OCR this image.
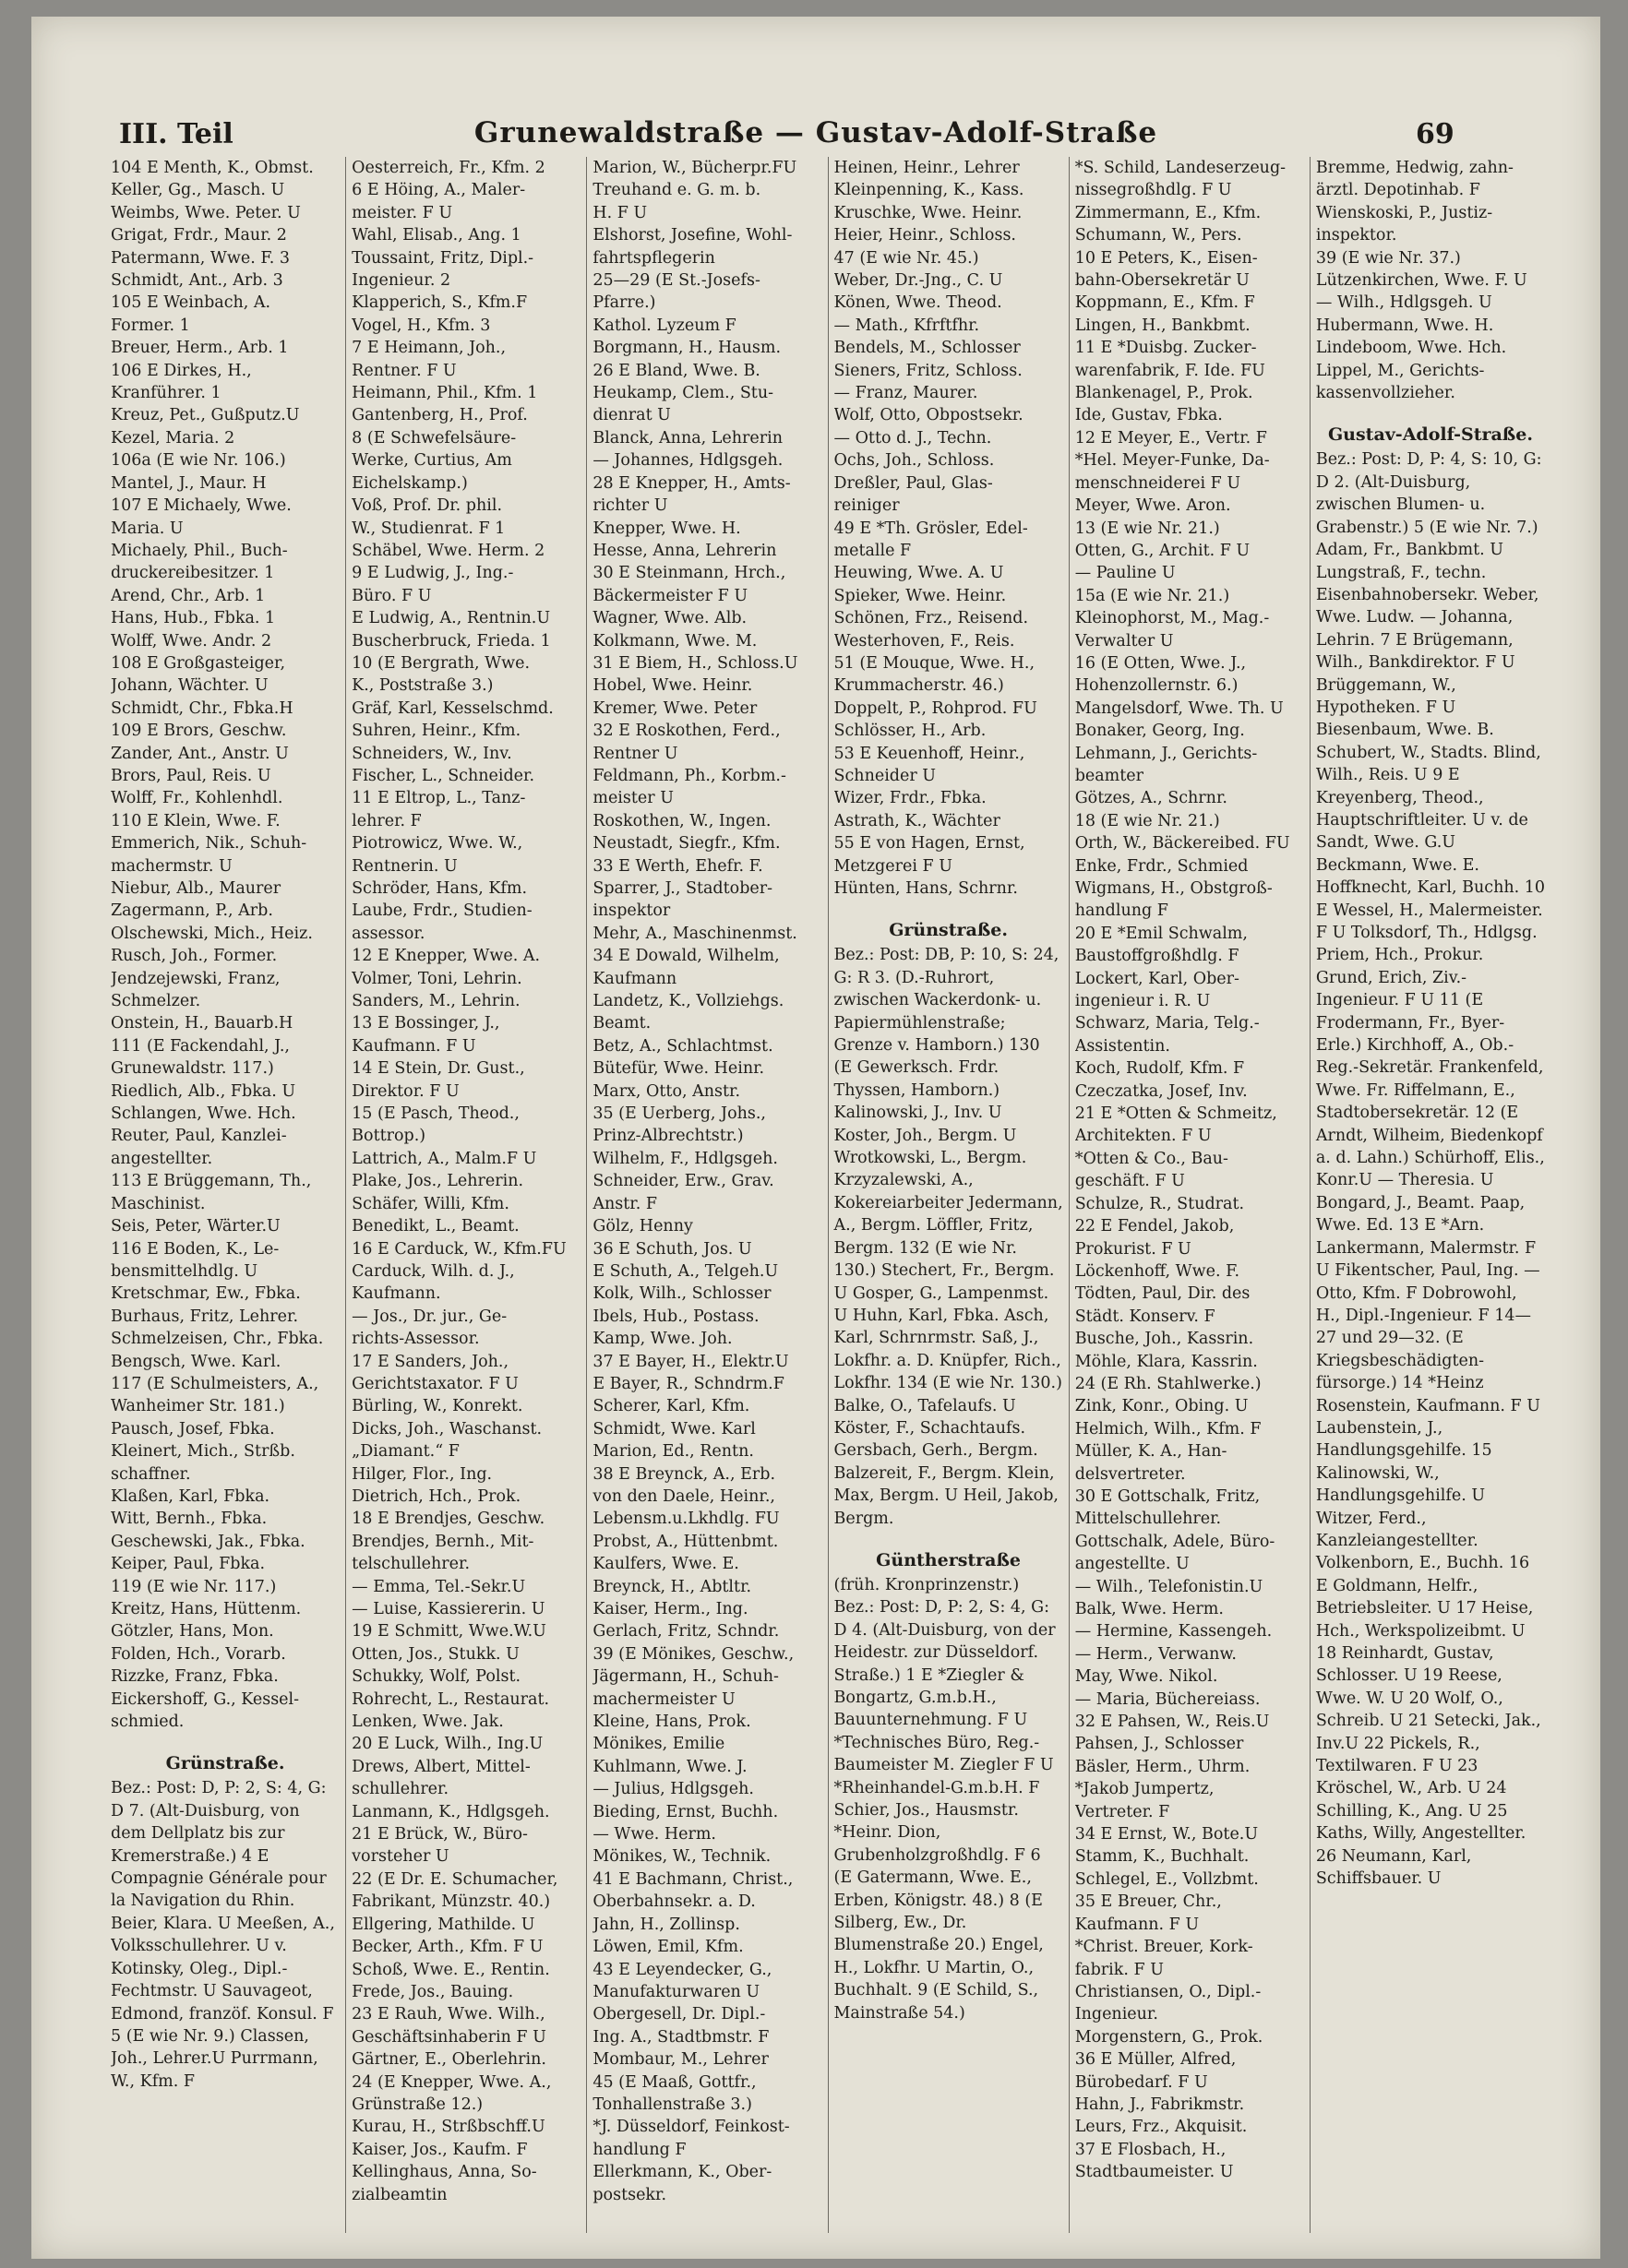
III. Teil	Grunewaldstraße — Gustav-Adolf-Straße	69
104 E Menth, K., Obmst.
Keller, Gg., Masch. U
Weimbs, Wwe. Peter. U
Grigat, Frdr., Maur. 2
Patermann, Wwe. F. 3
Schmidt, Ant., Arb. 3
105 E Weinbach, A.
Former. 1
Breuer, Herm., Arb. 1
106 E Dirkes, H.,
Kranführer. 1
Kreuz, Pet., Gußputz.U
Kezel, Maria. 2
106a (E wie Nr. 106.)
Mantel, J., Maur. H
107 E Michaely, Wwe.
Maria. U
Michaely, Phil., Buch-
druckereibesitzer. 1
Arend, Chr., Arb. 1
Hans, Hub., Fbka. 1
Wolff, Wwe. Andr. 2
108 E Großgasteiger,
Johann, Wächter. U
Schmidt, Chr., Fbka.H
109 E Brors, Geschw.
Zander, Ant., Anstr. U
Brors, Paul, Reis. U
Wolff, Fr., Kohlenhdl.
110 E Klein, Wwe. F.
Emmerich, Nik., Schuh-
machermstr. U
Niebur, Alb., Maurer
Zagermann, P., Arb.
Olschewski, Mich., Heiz.
Rusch, Joh., Former.
Jendzejewski, Franz,
Schmelzer.
Onstein, H., Bauarb.H
111 (E Fackendahl, J.,
Grunewaldstr. 117.)
Riedlich, Alb., Fbka. U
Schlangen, Wwe. Hch.
Reuter, Paul, Kanzlei-
angestellter.
113 E Brüggemann, Th.,
Maschinist.
Seis, Peter, Wärter.U
116 E Boden, K., Le-
bensmittelhdlg. U
Kretschmar, Ew., Fbka.
Burhaus, Fritz, Lehrer.
Schmelzeisen, Chr., Fbka.
Bengsch, Wwe. Karl.
117 (E Schulmeisters, A.,
Wanheimer Str. 181.)
Pausch, Josef, Fbka.
Kleinert, Mich., Strßb.
schaffner.
Klaßen, Karl, Fbka.
Witt, Bernh., Fbka.
Geschewski, Jak., Fbka.
Keiper, Paul, Fbka.
119 (E wie Nr. 117.)
Kreitz, Hans, Hüttenm.
Götzler, Hans, Mon.
Folden, Hch., Vorarb.
Rizzke, Franz, Fbka.
Eickershoff, G., Kessel-
schmied.
Grünstraße.
Bez.: Post: D, P: 2, S: 4, G: D 7. (Alt-Duisburg, von dem Dellplatz bis zur Kremerstraße.) 4 E Compagnie Générale pour la Navigation du Rhin. Beier, Klara. U Meeßen, A., Volksschullehrer. U v. Kotinsky, Oleg., Dipl.-Fechtmstr. U Sauvageot, Edmond, franzöf. Konsul. F 5 (E wie Nr. 9.) Classen, Joh., Lehrer.U Purrmann, W., Kfm. F
Oesterreich, Fr., Kfm. 2
6 E Höing, A., Maler-
meister. F U
Wahl, Elisab., Ang. 1
Toussaint, Fritz, Dipl.-
Ingenieur. 2
Klapperich, S., Kfm.F
Vogel, H., Kfm. 3
7 E Heimann, Joh.,
Rentner. F U
Heimann, Phil., Kfm. 1
Gantenberg, H., Prof.
8 (E Schwefelsäure-
Werke, Curtius, Am
Eichelskamp.)
Voß, Prof. Dr. phil.
W., Studienrat. F 1
Schäbel, Wwe. Herm. 2
9 E Ludwig, J., Ing.-
Büro. F U
E Ludwig, A., Rentnin.U
Buscherbruck, Frieda. 1
10 (E Bergrath, Wwe.
K., Poststraße 3.)
Gräf, Karl, Kesselschmd.
Suhren, Heinr., Kfm.
Schneiders, W., Inv.
Fischer, L., Schneider.
11 E Eltrop, L., Tanz-
lehrer. F
Piotrowicz, Wwe. W.,
Rentnerin. U
Schröder, Hans, Kfm.
Laube, Frdr., Studien-
assessor.
12 E Knepper, Wwe. A.
Volmer, Toni, Lehrin.
Sanders, M., Lehrin.
13 E Bossinger, J.,
Kaufmann. F U
14 E Stein, Dr. Gust.,
Direktor. F U
15 (E Pasch, Theod.,
Bottrop.)
Lattrich, A., Malm.F U
Plake, Jos., Lehrerin.
Schäfer, Willi, Kfm.
Benedikt, L., Beamt.
16 E Carduck, W., Kfm.FU
Carduck, Wilh. d. J.,
Kaufmann.
— Jos., Dr. jur., Ge-
richts-Assessor.
17 E Sanders, Joh.,
Gerichtstaxator. F U
Bürling, W., Konrekt.
Dicks, Joh., Waschanst.
„Diamant.“ F
Hilger, Flor., Ing.
Dietrich, Hch., Prok.
18 E Brendjes, Geschw.
Brendjes, Bernh., Mit-
telschullehrer.
— Emma, Tel.-Sekr.U
— Luise, Kassiererin. U
19 E Schmitt, Wwe.W.U
Otten, Jos., Stukk. U
Schukky, Wolf, Polst.
Rohrecht, L., Restaurat.
Lenken, Wwe. Jak.
20 E Luck, Wilh., Ing.U
Drews, Albert, Mittel-
schullehrer.
Lanmann, K., Hdlgsgeh.
21 E Brück, W., Büro-
vorsteher U
22 (E Dr. E. Schumacher,
Fabrikant, Münzstr. 40.)
Ellgering, Mathilde. U
Becker, Arth., Kfm. F U
Schoß, Wwe. E., Rentin.
Frede, Jos., Bauing.
23 E Rauh, Wwe. Wilh.,
Geschäftsinhaberin F U
Gärtner, E., Oberlehrin.
24 (E Knepper, Wwe. A.,
Grünstraße 12.)
Kurau, H., Strßbschff.U
Kaiser, Jos., Kaufm. F
Kellinghaus, Anna, So-
zialbeamtin
Marion, W., Bücherpr.FU
Treuhand e. G. m. b.
H. F U
Elshorst, Josefine, Wohl-
fahrtspflegerin
25—29 (E St.-Josefs-
Pfarre.)
Kathol. Lyzeum F
Borgmann, H., Hausm.
26 E Bland, Wwe. B.
Heukamp, Clem., Stu-
dienrat U
Blanck, Anna, Lehrerin
— Johannes, Hdlgsgeh.
28 E Knepper, H., Amts-
richter U
Knepper, Wwe. H.
Hesse, Anna, Lehrerin
30 E Steinmann, Hrch.,
Bäckermeister F U
Wagner, Wwe. Alb.
Kolkmann, Wwe. M.
31 E Biem, H., Schloss.U
Hobel, Wwe. Heinr.
Kremer, Wwe. Peter
32 E Roskothen, Ferd.,
Rentner U
Feldmann, Ph., Korbm.-
meister U
Roskothen, W., Ingen.
Neustadt, Siegfr., Kfm.
33 E Werth, Ehefr. F.
Sparrer, J., Stadtober-
inspektor
Mehr, A., Maschinenmst.
34 E Dowald, Wilhelm,
Kaufmann
Landetz, K., Vollziehgs.
Beamt.
Betz, A., Schlachtmst.
Bütefür, Wwe. Heinr.
Marx, Otto, Anstr.
35 (E Uerberg, Johs.,
Prinz-Albrechtstr.)
Wilhelm, F., Hdlgsgeh.
Schneider, Erw., Grav.
Anstr. F
Gölz, Henny
36 E Schuth, Jos. U
E Schuth, A., Telgeh.U
Kolk, Wilh., Schlosser
Ibels, Hub., Postass.
Kamp, Wwe. Joh.
37 E Bayer, H., Elektr.U
E Bayer, R., Schndrm.F
Scherer, Karl, Kfm.
Schmidt, Wwe. Karl
Marion, Ed., Rentn.
38 E Breynck, A., Erb.
von den Daele, Heinr.,
Lebensm.u.Lkhdlg. FU
Probst, A., Hüttenbmt.
Kaulfers, Wwe. E.
Breynck, H., Abtltr.
Kaiser, Herm., Ing.
Gerlach, Fritz, Schndr.
39 (E Mönikes, Geschw.,
Jägermann, H., Schuh-
machermeister U
Kleine, Hans, Prok.
Mönikes, Emilie
Kuhlmann, Wwe. J.
— Julius, Hdlgsgeh.
Bieding, Ernst, Buchh.
— Wwe. Herm.
Mönikes, W., Technik.
41 E Bachmann, Christ.,
Oberbahnsekr. a. D.
Jahn, H., Zollinsp.
Löwen, Emil, Kfm.
43 E Leyendecker, G.,
Manufakturwaren U
Obergesell, Dr. Dipl.-
Ing. A., Stadtbmstr. F
Mombaur, M., Lehrer
45 (E Maaß, Gottfr.,
Tonhallenstraße 3.)
*J. Düsseldorf, Feinkost-
handlung F
Ellerkmann, K., Ober-
postsekr.
Heinen, Heinr., Lehrer
Kleinpenning, K., Kass.
Kruschke, Wwe. Heinr.
Heier, Heinr., Schloss.
47 (E wie Nr. 45.)
Weber, Dr.-Jng., C. U
Könen, Wwe. Theod.
— Math., Kfrftfhr.
Bendels, M., Schlosser
Sieners, Fritz, Schloss.
— Franz, Maurer.
Wolf, Otto, Obpostsekr.
— Otto d. J., Techn.
Ochs, Joh., Schloss.
Dreßler, Paul, Glas-
reiniger
49 E *Th. Grösler, Edel-
metalle F
Heuwing, Wwe. A. U
Spieker, Wwe. Heinr.
Schönen, Frz., Reisend.
Westerhoven, F., Reis.
51 (E Mouque, Wwe. H.,
Krummacherstr. 46.)
Doppelt, P., Rohprod. FU
Schlösser, H., Arb.
53 E Keuenhoff, Heinr.,
Schneider U
Wizer, Frdr., Fbka.
Astrath, K., Wächter
55 E von Hagen, Ernst,
Metzgerei F U
Hünten, Hans, Schrnr.
Grünstraße.
Bez.: Post: DB, P: 10, S: 24, G: R 3. (D.-Ruhrort, zwischen Wackerdonk- u. Papiermühlenstraße; Grenze v. Hamborn.) 130 (E Gewerksch. Frdr. Thyssen, Hamborn.) Kalinowski, J., Inv. U Koster, Joh., Bergm. U Wrotkowski, L., Bergm. Krzyzalewski, A., Kokereiarbeiter Jedermann, A., Bergm. Löffler, Fritz, Bergm. 132 (E wie Nr. 130.) Stechert, Fr., Bergm. U Gosper, G., Lampenmst. U Huhn, Karl, Fbka. Asch, Karl, Schrnrmstr. Saß, J., Lokfhr. a. D. Knüpfer, Rich., Lokfhr. 134 (E wie Nr. 130.) Balke, O., Tafelaufs. U Köster, F., Schachtaufs. Gersbach, Gerh., Bergm. Balzereit, F., Bergm. Klein, Max, Bergm. U Heil, Jakob, Bergm.
Güntherstraße
(früh. Kronprinzenstr.) Bez.: Post: D, P: 2, S: 4, G: D 4. (Alt-Duisburg, von der Heidestr. zur Düsseldorf. Straße.) 1 E *Ziegler & Bongartz, G.m.b.H., Bauunternehmung. F U *Technisches Büro, Reg.-Baumeister M. Ziegler F U *Rheinhandel-G.m.b.H. F Schier, Jos., Hausmstr. *Heinr. Dion, Grubenholzgroßhdlg. F 6 (E Gatermann, Wwe. E., Erben, Königstr. 48.) 8 (E Silberg, Ew., Dr. Blumenstraße 20.) Engel, H., Lokfhr. U Martin, O., Buchhalt. 9 (E Schild, S., Mainstraße 54.)
*S. Schild, Landeserzeug-
nissegroßhdlg. F U
Zimmermann, E., Kfm.
Schumann, W., Pers.
10 E Peters, K., Eisen-
bahn-Obersekretär U
Koppmann, E., Kfm. F
Lingen, H., Bankbmt.
11 E *Duisbg. Zucker-
warenfabrik, F. Ide. FU
Blankenagel, P., Prok.
Ide, Gustav, Fbka.
12 E Meyer, E., Vertr. F
*Hel. Meyer-Funke, Da-
menschneiderei F U
Meyer, Wwe. Aron.
13 (E wie Nr. 21.)
Otten, G., Archit. F U
— Pauline U
15a (E wie Nr. 21.)
Kleinophorst, M., Mag.-
Verwalter U
16 (E Otten, Wwe. J.,
Hohenzollernstr. 6.)
Mangelsdorf, Wwe. Th. U
Bonaker, Georg, Ing.
Lehmann, J., Gerichts-
beamter
Götzes, A., Schrnr.
18 (E wie Nr. 21.)
Orth, W., Bäckereibed. FU
Enke, Frdr., Schmied
Wigmans, H., Obstgroß-
handlung F
20 E *Emil Schwalm,
Baustoffgroßhdlg. F
Lockert, Karl, Ober-
ingenieur i. R. U
Schwarz, Maria, Telg.-
Assistentin.
Koch, Rudolf, Kfm. F
Czeczatka, Josef, Inv.
21 E *Otten & Schmeitz,
Architekten. F U
*Otten & Co., Bau-
geschäft. F U
Schulze, R., Studrat.
22 E Fendel, Jakob,
Prokurist. F U
Löckenhoff, Wwe. F.
Tödten, Paul, Dir. des
Städt. Konserv. F
Busche, Joh., Kassrin.
Möhle, Klara, Kassrin.
24 (E Rh. Stahlwerke.)
Zink, Konr., Obing. U
Helmich, Wilh., Kfm. F
Müller, K. A., Han-
delsvertreter.
30 E Gottschalk, Fritz,
Mittelschullehrer.
Gottschalk, Adele, Büro-
angestellte. U
— Wilh., Telefonistin.U
Balk, Wwe. Herm.
— Hermine, Kassengeh.
— Herm., Verwanw.
May, Wwe. Nikol.
— Maria, Büchereiass.
32 E Pahsen, W., Reis.U
Pahsen, J., Schlosser
Bäsler, Herm., Uhrm.
*Jakob Jumpertz,
Vertreter. F
34 E Ernst, W., Bote.U
Stamm, K., Buchhalt.
Schlegel, E., Vollzbmt.
35 E Breuer, Chr.,
Kaufmann. F U
*Christ. Breuer, Kork-
fabrik. F U
Christiansen, O., Dipl.-
Ingenieur.
Morgenstern, G., Prok.
36 E Müller, Alfred,
Bürobedarf. F U
Hahn, J., Fabrikmstr.
Leurs, Frz., Akquisit.
37 E Flosbach, H.,
Stadtbaumeister. U
Bremme, Hedwig, zahn-
ärztl. Depotinhab. F
Wienskoski, P., Justiz-
inspektor.
39 (E wie Nr. 37.)
Lützenkirchen, Wwe. F. U
— Wilh., Hdlgsgeh. U
Hubermann, Wwe. H.
Lindeboom, Wwe. Hch.
Lippel, M., Gerichts-
kassenvollzieher.
Gustav-Adolf-Straße.
Bez.: Post: D, P: 4, S: 10, G: D 2. (Alt-Duisburg, zwischen Blumen- u. Grabenstr.) 5 (E wie Nr. 7.) Adam, Fr., Bankbmt. U Lungstraß, F., techn. Eisenbahnobersekr. Weber, Wwe. Ludw. — Johanna, Lehrin. 7 E Brügemann, Wilh., Bankdirektor. F U Brüggemann, W., Hypotheken. F U Biesenbaum, Wwe. B. Schubert, W., Stadts. Blind, Wilh., Reis. U 9 E Kreyenberg, Theod., Hauptschriftleiter. U v. de Sandt, Wwe. G.U Beckmann, Wwe. E. Hoffknecht, Karl, Buchh. 10 E Wessel, H., Malermeister. F U Tolksdorf, Th., Hdlgsg. Priem, Hch., Prokur. Grund, Erich, Ziv.-Ingenieur. F U 11 (E Frodermann, Fr., Byer-Erle.) Kirchhoff, A., Ob.-Reg.-Sekretär. Frankenfeld, Wwe. Fr. Riffelmann, E., Stadtobersekretär. 12 (E Arndt, Wilheim, Biedenkopf a. d. Lahn.) Schürhoff, Elis., Konr.U — Theresia. U Bongard, J., Beamt. Paap, Wwe. Ed. 13 E *Arn. Lankermann, Malermstr. F U Fikentscher, Paul, Ing. — Otto, Kfm. F Dobrowohl, H., Dipl.-Ingenieur. F 14—27 und 29—32. (E Kriegsbeschädigten-fürsorge.) 14 *Heinz Rosenstein, Kaufmann. F U Laubenstein, J., Handlungsgehilfe. 15 Kalinowski, W., Handlungsgehilfe. U Witzer, Ferd., Kanzleiangestellter. Volkenborn, E., Buchh. 16 E Goldmann, Helfr., Betriebsleiter. U 17 Heise, Hch., Werkspolizeibmt. U 18 Reinhardt, Gustav, Schlosser. U 19 Reese, Wwe. W. U 20 Wolf, O., Schreib. U 21 Setecki, Jak., Inv.U 22 Pickels, R., Textilwaren. F U 23 Kröschel, W., Arb. U 24 Schilling, K., Ang. U 25 Kaths, Willy, Angestellter. 26 Neumann, Karl, Schiffsbauer. U
